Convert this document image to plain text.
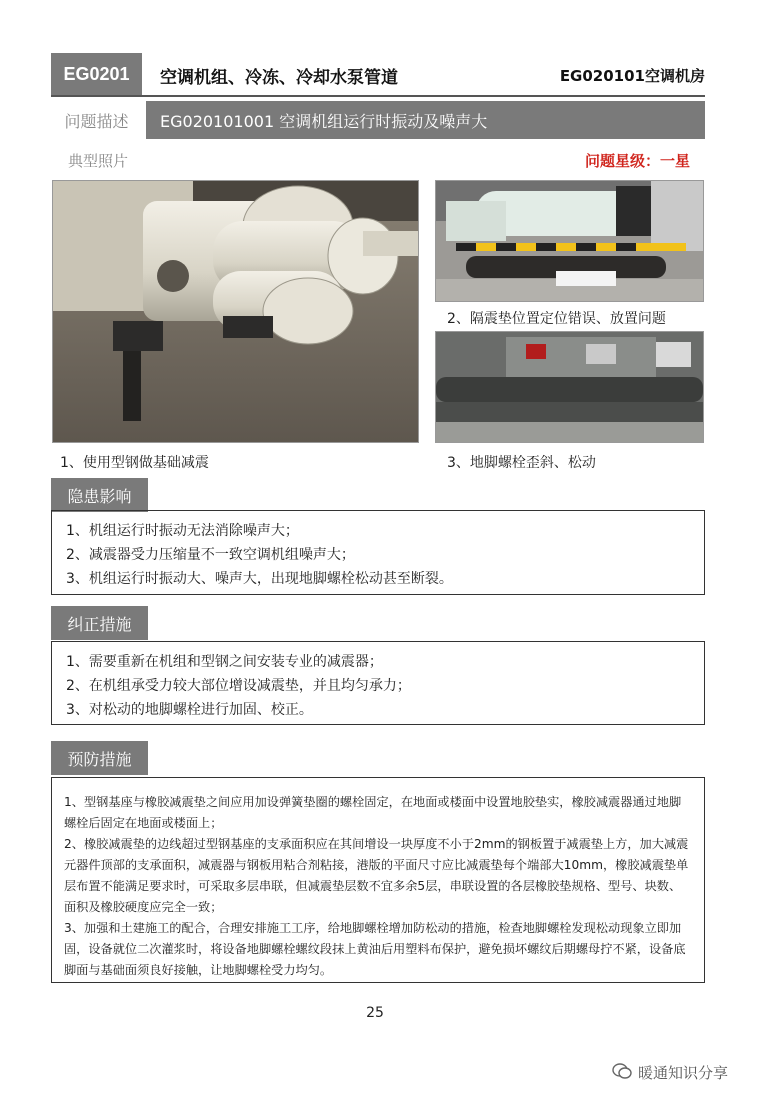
EG0201	空调机组、冷冻、冷却水泵管道	EG020101空调机房
问题描述	EG020101001 空调机组运行时振动及噪声大
典型照片	问题星级：一星
1、使用型钢做基础减震
2、隔震垫位置定位错误、放置问题
3、地脚螺栓歪斜、松动
隐患影响

1、机组运行时振动无法消除噪声大；

2、减震器受力压缩量不一致空调机组噪声大；

3、机组运行时振动大、噪声大，出现地脚螺栓松动甚至断裂。

纠正措施

1、需要重新在机组和型钢之间安装专业的减震器；

2、在机组承受力较大部位增设减震垫，并且均匀承力；

3、对松动的地脚螺栓进行加固、校正。

预防措施

1、型钢基座与橡胶减震垫之间应用加设弹簧垫圈的螺栓固定，在地面或楼面中设置地胶垫实，橡胶减震器通过地脚螺栓后固定在地面或楼面上；

2、橡胶减震垫的边线超过型钢基座的支承面积应在其间增设一块厚度不小于2mm的钢板置于减震垫上方，加大减震元器件顶部的支承面积，减震器与钢板用粘合剂粘接，港版的平面尺寸应比减震垫每个端部大10mm，橡胶减震垫单层布置不能满足要求时，可采取多层串联，但减震垫层数不宜多余5层，串联设置的各层橡胶垫规格、型号、块数、面积及橡胶硬度应完全一致；

3、加强和土建施工的配合，合理安排施工工序，给地脚螺栓增加防松动的措施，检查地脚螺栓发现松动现象立即加固，设备就位二次灌浆时，将设备地脚螺栓螺纹段抹上黄油后用塑料布保护，避免损坏螺纹后期螺母拧不紧，设备底脚面与基础面须良好接触，让地脚螺栓受力均匀。

25
暖通知识分享
